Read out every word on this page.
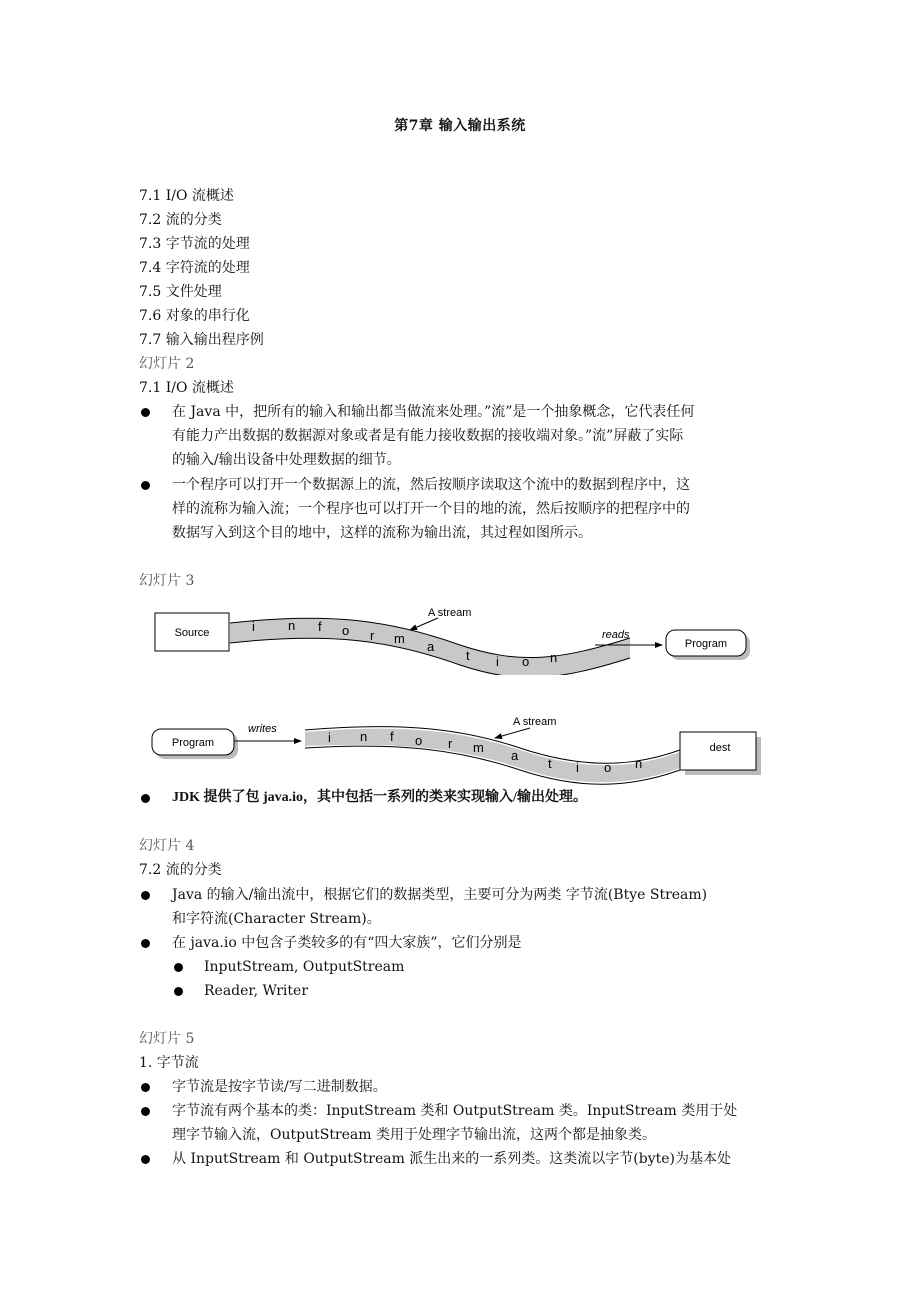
第7章 输入输出系统
7.1 I/O 流概述
7.2 流的分类
7.3 字节流的处理
7.4 字符流的处理
7.5 文件处理
7.6 对象的串行化
7.7 输入输出程序例
幻灯片 2
7.1 I/O 流概述
在 Java 中，把所有的输入和输出都当做流来处理。”流”是一个抽象概念，它代表任何
有能力产出数据的数据源对象或者是有能力接收数据的接收端对象。”流”屏蔽了实际
的输入/输出设备中处理数据的细节。
一个程序可以打开一个数据源上的流，然后按顺序读取这个流中的数据到程序中，这
样的流称为输入流；一个程序也可以打开一个目的地的流，然后按顺序的把程序中的
数据写入到这个目的地中，这样的流称为输出流，其过程如图所示。
幻灯片 3
Source	i	n f o r m
a
t i o n
A stream
reads
Program
Program
writes
i n f o r m
a
t i o n
A stream
dest
JDK 提供了包 java.io，其中包括一系列的类来实现输入/输出处理。
幻灯片 4
7.2 流的分类
Java 的输入/输出流中，根据它们的数据类型，主要可分为两类 字节流(Btye Stream)
和字符流(Character Stream)。
在 java.io 中包含子类较多的有“四大家族”，它们分别是
InputStream, OutputStream
Reader, Writer
幻灯片 5
1. 字节流
字节流是按字节读/写二进制数据。
字节流有两个基本的类：InputStream 类和 OutputStream 类。InputStream 类用于处
理字节输入流，OutputStream 类用于处理字节输出流，这两个都是抽象类。
从 InputStream 和 OutputStream 派生出来的一系列类。这类流以字节(byte)为基本处
